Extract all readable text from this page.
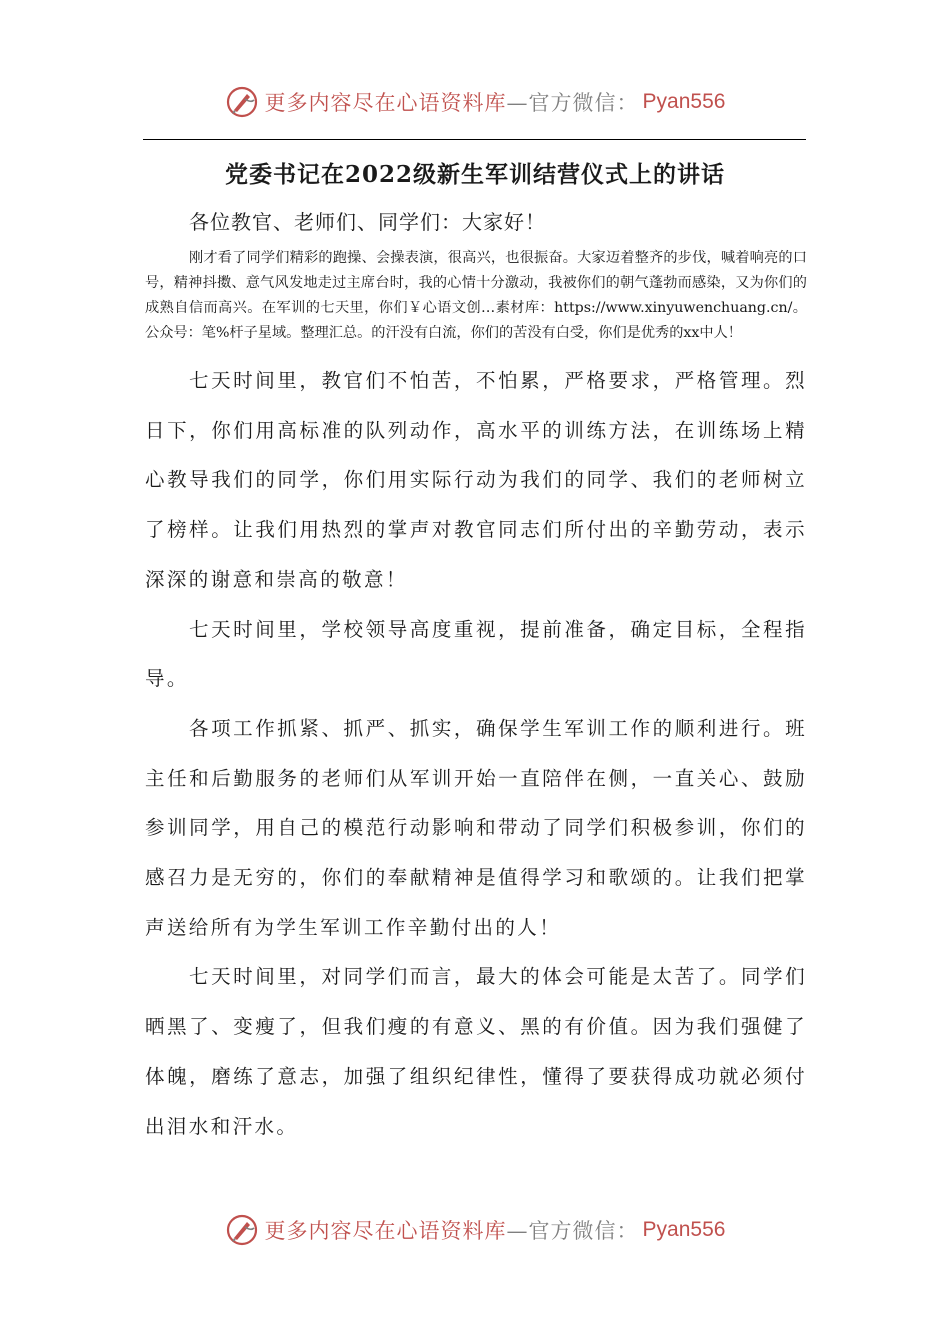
更多内容尽在心语资料库—官方微信： Pyan556
党委书记在2022级新生军训结营仪式上的讲话

各位教官、老师们、同学们：大家好！

刚才看了同学们精彩的跑操、会操表演，很高兴，也很振奋。大家迈着整齐的步伐，喊着响亮的口号，精神抖擞、意气风发地走过主席台时，我的心情十分激动，我被你们的朝气蓬勃而感染，又为你们的成熟自信而高兴。在军训的七天里，你们￥心语文创…素材库：https://www.xinyuwenchuang.cn/。公众号：笔%杆子星域。整理汇总。的汗没有白流，你们的苦没有白受，你们是优秀的xx中人！

七天时间里，教官们不怕苦，不怕累，严格要求，严格管理。烈日下，你们用高标准的队列动作，高水平的训练方法，在训练场上精心教导我们的同学，你们用实际行动为我们的同学、我们的老师树立了榜样。让我们用热烈的掌声对教官同志们所付出的辛勤劳动，表示深深的谢意和崇高的敬意！

七天时间里，学校领导高度重视，提前准备，确定目标，全程指导。

各项工作抓紧、抓严、抓实，确保学生军训工作的顺利进行。班主任和后勤服务的老师们从军训开始一直陪伴在侧，一直关心、鼓励参训同学，用自己的模范行动影响和带动了同学们积极参训，你们的感召力是无穷的，你们的奉献精神是值得学习和歌颂的。让我们把掌声送给所有为学生军训工作辛勤付出的人！

七天时间里，对同学们而言，最大的体会可能是太苦了。同学们晒黑了、变瘦了，但我们瘦的有意义、黑的有价值。因为我们强健了体魄，磨练了意志，加强了组织纪律性，懂得了要获得成功就必须付出泪水和汗水。

更多内容尽在心语资料库—官方微信： Pyan556
